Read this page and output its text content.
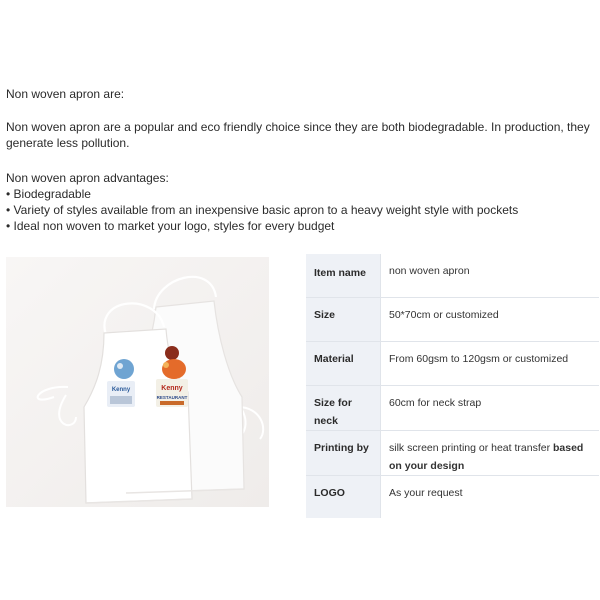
Non woven apron are:
Non woven apron are a popular and eco friendly choice since they are both biodegradable. In production, they generate less pollution.
Non woven apron advantages:
• Biodegradable
• Variety of styles available from an inexpensive basic apron to a heavy weight style with pockets
• Ideal non woven to market your logo, styles for every budget
Kenny	Kenny
RESTAURANT
Item name	non woven apron
Size	50*70cm or customized
Material	From 60gsm to 120gsm or customized
Size for neck	60cm for neck strap
Printing by	silk screen printing or heat transfer based on your design
LOGO	As your request
